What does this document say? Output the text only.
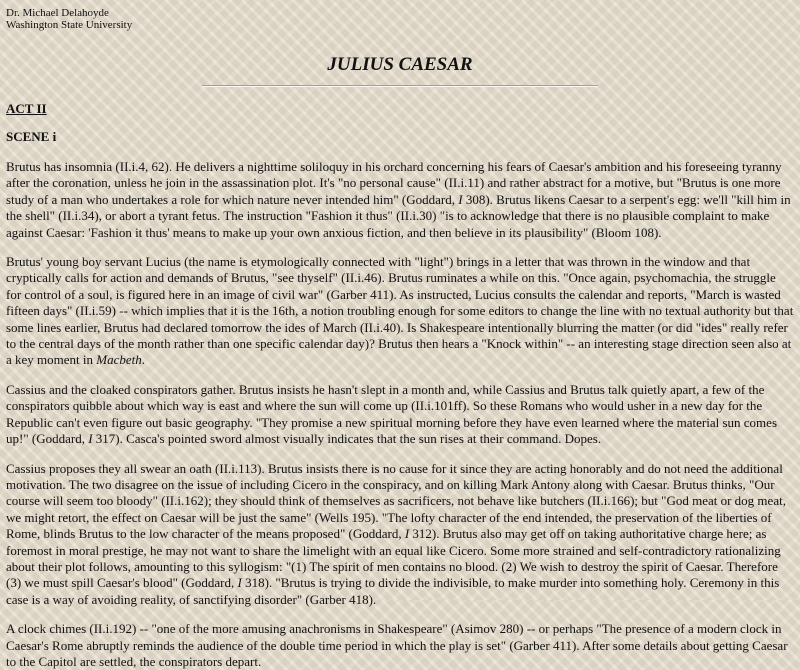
Dr. Michael Delahoyde
Washington State University
JULIUS CAESAR
ACT II
SCENE i

Brutus has insomnia (II.i.4, 62). He delivers a nighttime soliloquy in his orchard concerning his fears of Caesar's ambition and his foreseeing tyranny after the coronation, unless he join in the assassination plot. It's "no personal cause" (II.i.11) and rather abstract for a motive, but "Brutus is one more study of a man who undertakes a role for which nature never intended him" (Goddard, I 308). Brutus likens Caesar to a serpent's egg: we'll "kill him in the shell" (II.i.34), or abort a tyrant fetus. The instruction "Fashion it thus" (II.i.30) "is to acknowledge that there is no plausible complaint to make against Caesar: 'Fashion it thus' means to make up your own anxious fiction, and then believe in its plausibility" (Bloom 108).

Brutus' young boy servant Lucius (the name is etymologically connected with "light") brings in a letter that was thrown in the window and that cryptically calls for action and demands of Brutus, "see thyself" (II.i.46). Brutus ruminates a while on this. "Once again, psychomachia, the struggle for control of a soul, is figured here in an image of civil war" (Garber 411). As instructed, Lucius consults the calendar and reports, "March is wasted fifteen days" (II.i.59) -- which implies that it is the 16th, a notion troubling enough for some editors to change the line with no textual authority but that some lines earlier, Brutus had declared tomorrow the ides of March (II.i.40). Is Shakespeare intentionally blurring the matter (or did "ides" really refer to the central days of the month rather than one specific calendar day)? Brutus then hears a "Knock within" -- an interesting stage direction seen also at a key moment in Macbeth.

Cassius and the cloaked conspirators gather. Brutus insists he hasn't slept in a month and, while Cassius and Brutus talk quietly apart, a few of the conspirators quibble about which way is east and where the sun will come up (II.i.101ff). So these Romans who would usher in a new day for the Republic can't even figure out basic geography. "They promise a new spiritual morning before they have even learned where the material sun comes up!" (Goddard, I 317). Casca's pointed sword almost visually indicates that the sun rises at their command. Dopes.

Cassius proposes they all swear an oath (II.i.113). Brutus insists there is no cause for it since they are acting honorably and do not need the additional motivation. The two disagree on the issue of including Cicero in the conspiracy, and on killing Mark Antony along with Caesar. Brutus thinks, "Our course will seem too bloody" (II.i.162); they should think of themselves as sacrificers, not behave like butchers (II.i.166); but "God meat or dog meat, we might retort, the effect on Caesar will be just the same" (Wells 195). "The lofty character of the end intended, the preservation of the liberties of Rome, blinds Brutus to the low character of the means proposed" (Goddard, I 312). Brutus also may get off on taking authoritative charge here; as foremost in moral prestige, he may not want to share the limelight with an equal like Cicero. Some more strained and self-contradictory rationalizing about their plot follows, amounting to this syllogism: "(1) The spirit of men contains no blood. (2) We wish to destroy the spirit of Caesar. Therefore (3) we must spill Caesar's blood" (Goddard, I 318). "Brutus is trying to divide the indivisible, to make murder into something holy. Ceremony in this case is a way of avoiding reality, of sanctifying disorder" (Garber 418).

A clock chimes (II.i.192) -- "one of the more amusing anachronisms in Shakespeare" (Asimov 280) -- or perhaps "The presence of a modern clock in Caesar's Rome abruptly reminds the audience of the double time period in which the play is set" (Garber 411). After some details about getting Caesar to the Capitol are settled, the conspirators depart.
